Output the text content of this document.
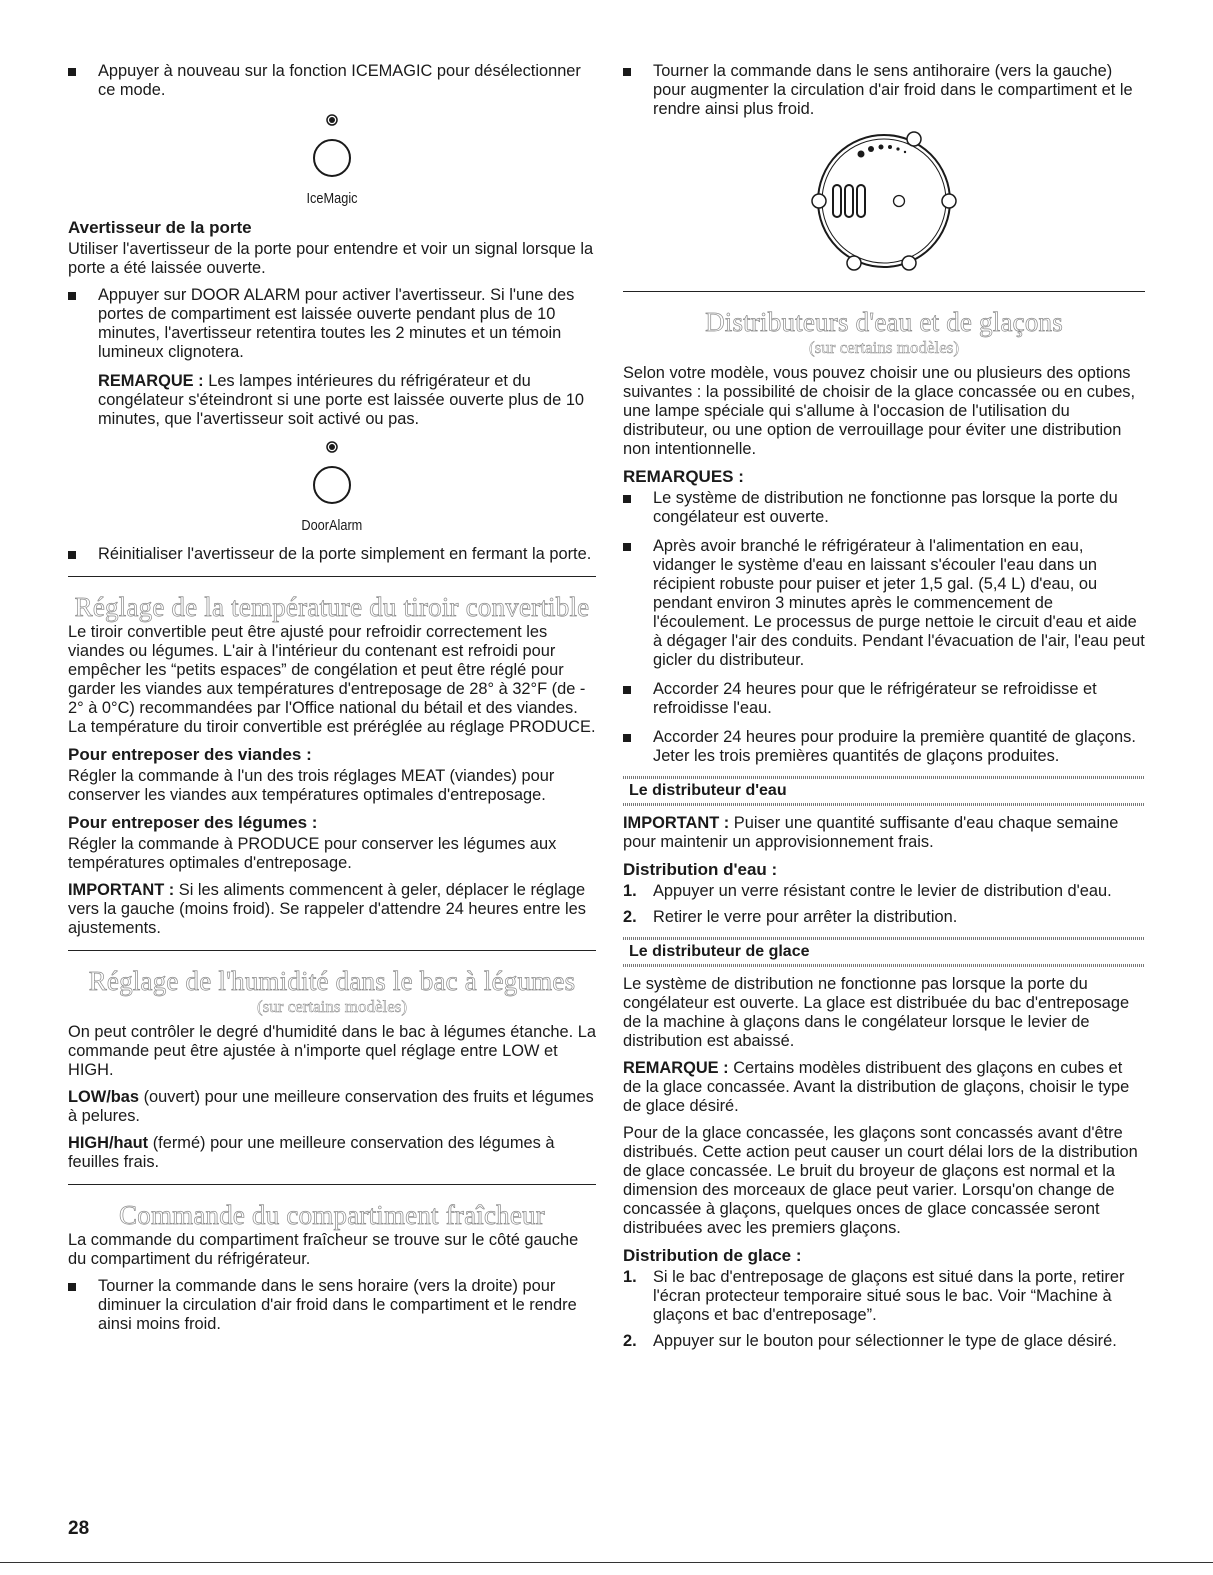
Appuyer à nouveau sur la fonction ICEMAGIC pour désélectionner ce mode.
IceMagic
Avertisseur de la porte

Utiliser l'avertisseur de la porte pour entendre et voir un signal lorsque la porte a été laissée ouverte.

Appuyer sur DOOR ALARM pour activer l'avertisseur. Si l'une des portes de compartiment est laissée ouverte pendant plus de 10 minutes, l'avertisseur retentira toutes les 2 minutes et un témoin lumineux clignotera.

REMARQUE : Les lampes intérieures du réfrigérateur et du congélateur s'éteindront si une porte est laissée ouverte plus de 10 minutes, que l'avertisseur soit activé ou pas.

DoorAlarm
Réinitialiser l'avertisseur de la porte simplement en fermant la porte.
Réglage de la température du tiroir convertible

Le tiroir convertible peut être ajusté pour refroidir correctement les viandes ou légumes. L'air à l'intérieur du contenant est refroidi pour empêcher les “petits espaces” de congélation et peut être réglé pour garder les viandes aux températures d'entreposage de 28° à 32°F (de - 2° à 0°C) recommandées par l'Office national du bétail et des viandes. La température du tiroir convertible est préréglée au réglage PRODUCE.

Pour entreposer des viandes :

Régler la commande à l'un des trois réglages MEAT (viandes) pour conserver les viandes aux températures optimales d'entreposage.

Pour entreposer des légumes :

Régler la commande à PRODUCE pour conserver les légumes aux températures optimales d'entreposage.

IMPORTANT : Si les aliments commencent à geler, déplacer le réglage vers la gauche (moins froid). Se rappeler d'attendre 24 heures entre les ajustements.

Réglage de l'humidité dans le bac à légumes
(sur certains modèles)

On peut contrôler le degré d'humidité dans le bac à légumes étanche. La commande peut être ajustée à n'importe quel réglage entre LOW et HIGH.

LOW/bas (ouvert) pour une meilleure conservation des fruits et légumes à pelures.

HIGH/haut (fermé) pour une meilleure conservation des légumes à feuilles frais.

Commande du compartiment fraîcheur

La commande du compartiment fraîcheur se trouve sur le côté gauche du compartiment du réfrigérateur.

Tourner la commande dans le sens horaire (vers la droite) pour diminuer la circulation d'air froid dans le compartiment et le rendre ainsi moins froid.
Tourner la commande dans le sens antihoraire (vers la gauche) pour augmenter la circulation d'air froid dans le compartiment et le rendre ainsi plus froid.
Distributeurs d'eau et de glaçons
(sur certains modèles)

Selon votre modèle, vous pouvez choisir une ou plusieurs des options suivantes : la possibilité de choisir de la glace concassée ou en cubes, une lampe spéciale qui s'allume à l'occasion de l'utilisation du distributeur, ou une option de verrouillage pour éviter une distribution non intentionnelle.

REMARQUES :
Le système de distribution ne fonctionne pas lorsque la porte du congélateur est ouverte.
Après avoir branché le réfrigérateur à l'alimentation en eau, vidanger le système d'eau en laissant s'écouler l'eau dans un récipient robuste pour puiser et jeter 1,5 gal. (5,4 L) d'eau, ou pendant environ 3 minutes après le commencement de l'écoulement. Le processus de purge nettoie le circuit d'eau et aide à dégager l'air des conduits. Pendant l'évacuation de l'air, l'eau peut gicler du distributeur.
Accorder 24 heures pour que le réfrigérateur se refroidisse et refroidisse l'eau.
Accorder 24 heures pour produire la première quantité de glaçons. Jeter les trois premières quantités de glaçons produites.
Le distributeur d'eau

IMPORTANT : Puiser une quantité suffisante d'eau chaque semaine pour maintenir un approvisionnement frais.

Distribution d'eau :
1. Appuyer un verre résistant contre le levier de distribution d'eau.
2. Retirer le verre pour arrêter la distribution.
Le distributeur de glace

Le système de distribution ne fonctionne pas lorsque la porte du congélateur est ouverte. La glace est distribuée du bac d'entreposage de la machine à glaçons dans le congélateur lorsque le levier de distribution est abaissé.

REMARQUE : Certains modèles distribuent des glaçons en cubes et de la glace concassée. Avant la distribution de glaçons, choisir le type de glace désiré.

Pour de la glace concassée, les glaçons sont concassés avant d'être distribués. Cette action peut causer un court délai lors de la distribution de glace concassée. Le bruit du broyeur de glaçons est normal et la dimension des morceaux de glace peut varier. Lorsqu'on change de concassée à glaçons, quelques onces de glace concassée seront distribuées avec les premiers glaçons.

Distribution de glace :
1. Si le bac d'entreposage de glaçons est situé dans la porte, retirer l'écran protecteur temporaire situé sous le bac. Voir “Machine à glaçons et bac d'entreposage”.
2. Appuyer sur le bouton pour sélectionner le type de glace désiré.
28
